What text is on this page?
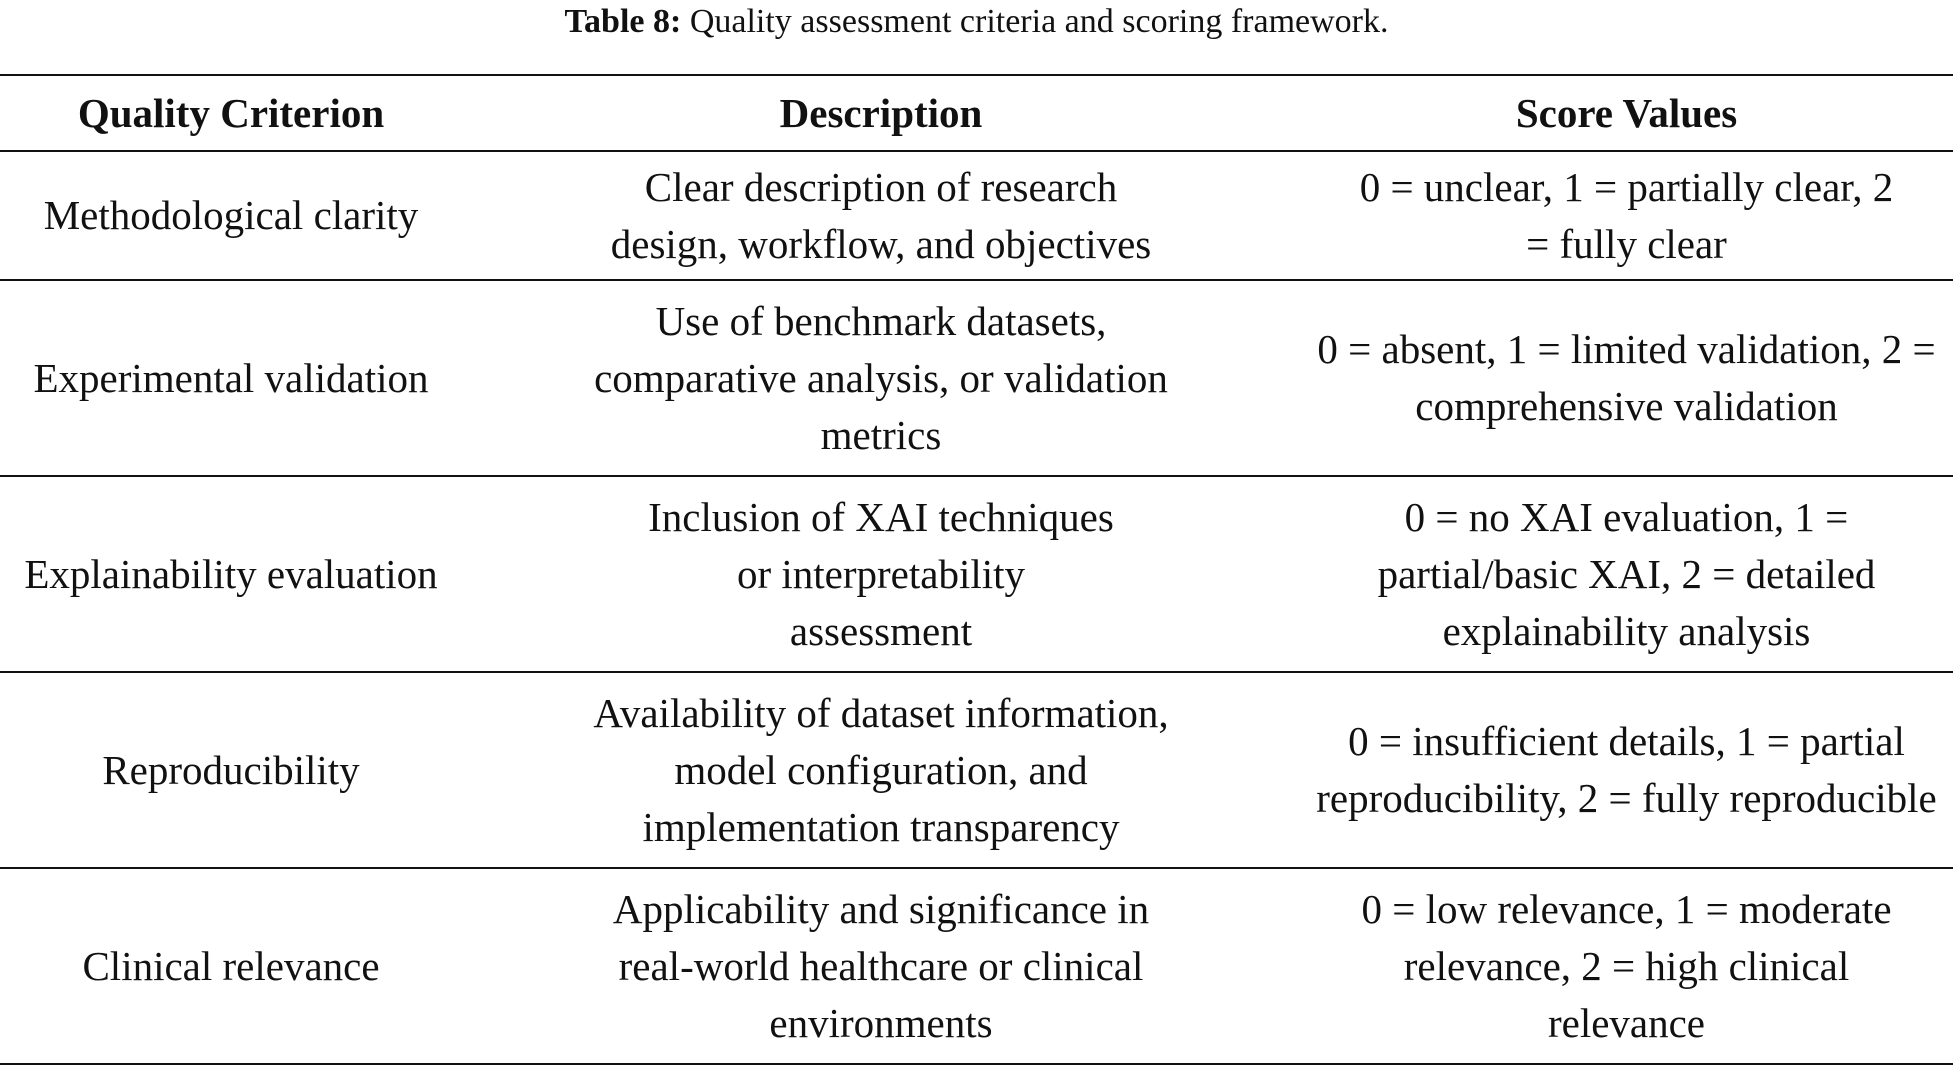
Table 8: Quality assessment criteria and scoring framework.
Quality Criterion	Description	Score Values
Methodological clarity	Clear description of research design, workflow, and objectives	0 = unclear, 1 = partially clear, 2 = fully clear
Experimental validation	Use of benchmark datasets, comparative analysis, or validation metrics	0 = absent, 1 = limited validation, 2 = comprehensive validation
Explainability evaluation	Inclusion of XAI techniques or interpretability assessment	0 = no XAI evaluation, 1 = partial/basic XAI, 2 = detailed explainability analysis
Reproducibility	Availability of dataset information, model configuration, and implementation transparency	0 = insufficient details, 1 = partial reproducibility, 2 = fully reproducible
Clinical relevance	Applicability and significance in real-world healthcare or clinical environments	0 = low relevance, 1 = moderate relevance, 2 = high clinical relevance
